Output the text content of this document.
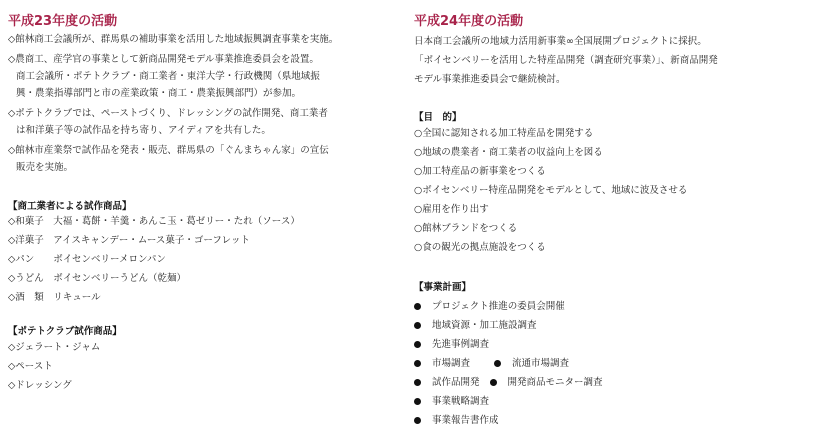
平成23年度の活動
◇館林商工会議所が、群馬県の補助事業を活用した地域振興調査事業を実施。
◇農商工、産学官の事業として新商品開発モデル事業推進委員会を設置。
商工会議所・ポテトクラブ・商工業者・東洋大学・行政機関（県地域振
興・農業指導部門と市の産業政策・商工・農業振興部門）が参加。
◇ポテトクラブでは、ペーストづくり、ドレッシングの試作開発、商工業者
は和洋菓子等の試作品を持ち寄り、アイディアを共有した。
◇館林市産業祭で試作品を発表・販売、群馬県の「ぐんまちゃん家」の宣伝
販売を実施。
【商工業者による試作商品】
◇和菓子　大福・葛餅・羊羹・あんこ玉・葛ゼリー・たれ（ソース）
◇洋菓子　アイスキャンデー・ムース菓子・ゴーフレット
◇パン　　ボイセンベリーメロンパン
◇うどん　ボイセンベリーうどん（乾麺）
◇酒　類　リキュール
【ポテトクラブ試作商品】
◇ジェラート・ジャム
◇ペースト
◇ドレッシング
平成24年度の活動
日本商工会議所の地域力活用新事業∞全国展開プロジェクトに採択。
「ボイセンベリーを活用した特産品開発（調査研究事業）」、新商品開発
モデル事業推進委員会で継続検討。
【目　的】
○全国に認知される加工特産品を開発する
○地域の農業者・商工業者の収益向上を図る
○加工特産品の新事業をつくる
○ボイセンベリー特産品開発をモデルとして、地域に波及させる
○雇用を作り出す
○館林ブランドをつくる
○食の観光の拠点施設をつくる
【事業計画】
プロジェクト推進の委員会開催
地域資源・加工施設調査
先進事例調査
市場調査	流通市場調査
試作品開発	開発商品モニター調査
事業戦略調査
事業報告書作成
